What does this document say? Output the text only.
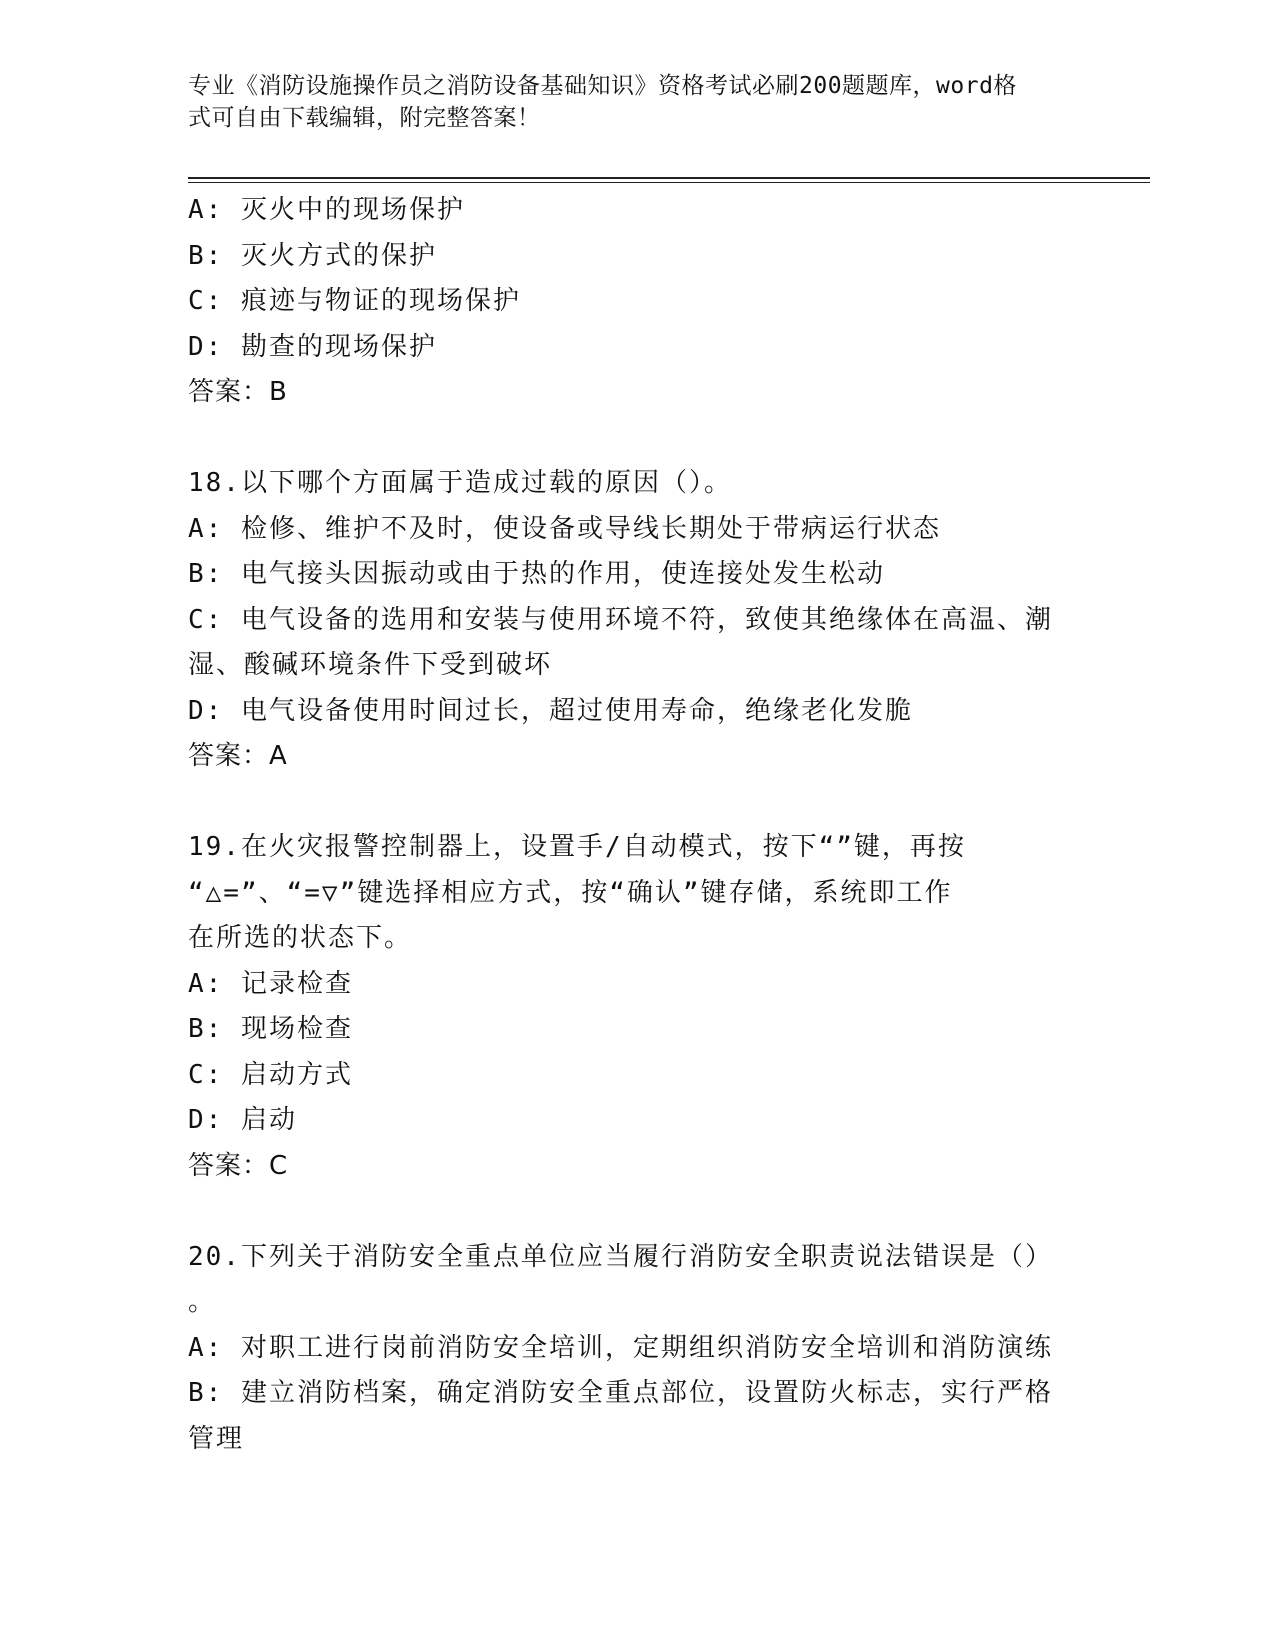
专业《消防设施操作员之消防设备基础知识》资格考试必刷200题题库，word格
式可自由下载编辑，附完整答案！
A: 灭火中的现场保护
B: 灭火方式的保护
C: 痕迹与物证的现场保护
D: 勘查的现场保护
答案：B
18.以下哪个方面属于造成过载的原因（）。
A: 检修、维护不及时，使设备或导线长期处于带病运行状态
B: 电气接头因振动或由于热的作用，使连接处发生松动
C: 电气设备的选用和安装与使用环境不符，致使其绝缘体在高温、潮
湿、酸碱环境条件下受到破坏
D: 电气设备使用时间过长，超过使用寿命，绝缘老化发脆
答案：A
19.在火灾报警控制器上，设置手/自动模式，按下“”键，再按
“△=”、“=▽”键选择相应方式，按“确认”键存储，系统即工作
在所选的状态下。
A: 记录检查
B: 现场检查
C: 启动方式
D: 启动
答案：C
20.下列关于消防安全重点单位应当履行消防安全职责说法错误是（）
。
A: 对职工进行岗前消防安全培训，定期组织消防安全培训和消防演练
B: 建立消防档案，确定消防安全重点部位，设置防火标志，实行严格
管理
